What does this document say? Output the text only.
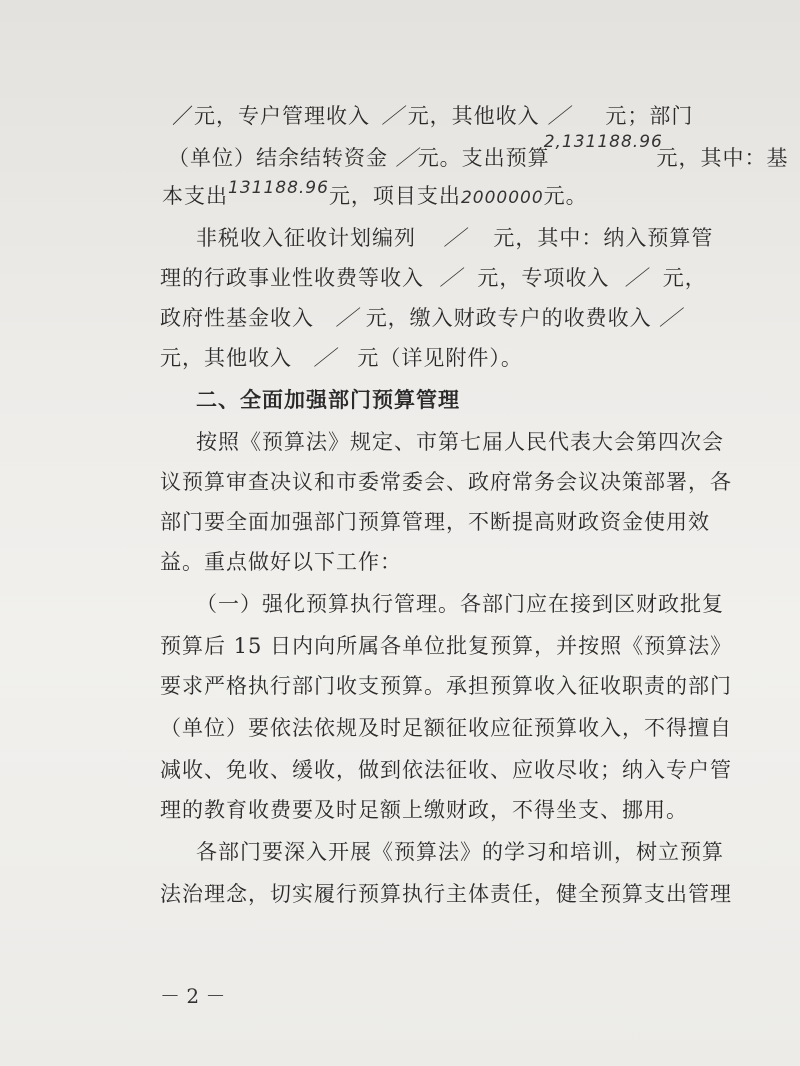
／元，专户管理收入 ／ 元，其他收入 ／ 元；部门
（单位）结余结转资金 ／元。支出预算$^{2,131188.96}$ 元，其中：基
本支出$^{131188.96}$元，项目支出2000000元。
非税收入征收计划编列 ／ 元，其中：纳入预算管
理的行政事业性收费等收入 ／ 元，专项收入 ／ 元，
政府性基金收入 ／ 元，缴入财政专户的收费收入 ／
元，其他收入 ／ 元（详见附件）。
二、全面加强部门预算管理
按照《预算法》规定、市第七届人民代表大会第四次会
议预算审查决议和市委常委会、政府常务会议决策部署，各
部门要全面加强部门预算管理，不断提高财政资金使用效
益。重点做好以下工作：
（一）强化预算执行管理。各部门应在接到区财政批复
预算后 15 日内向所属各单位批复预算，并按照《预算法》
要求严格执行部门收支预算。承担预算收入征收职责的部门
（单位）要依法依规及时足额征收应征预算收入，不得擅自
减收、免收、缓收，做到依法征收、应收尽收；纳入专户管
理的教育收费要及时足额上缴财政，不得坐支、挪用。
各部门要深入开展《预算法》的学习和培训，树立预算
法治理念，切实履行预算执行主体责任，健全预算支出管理
－ 2 －
